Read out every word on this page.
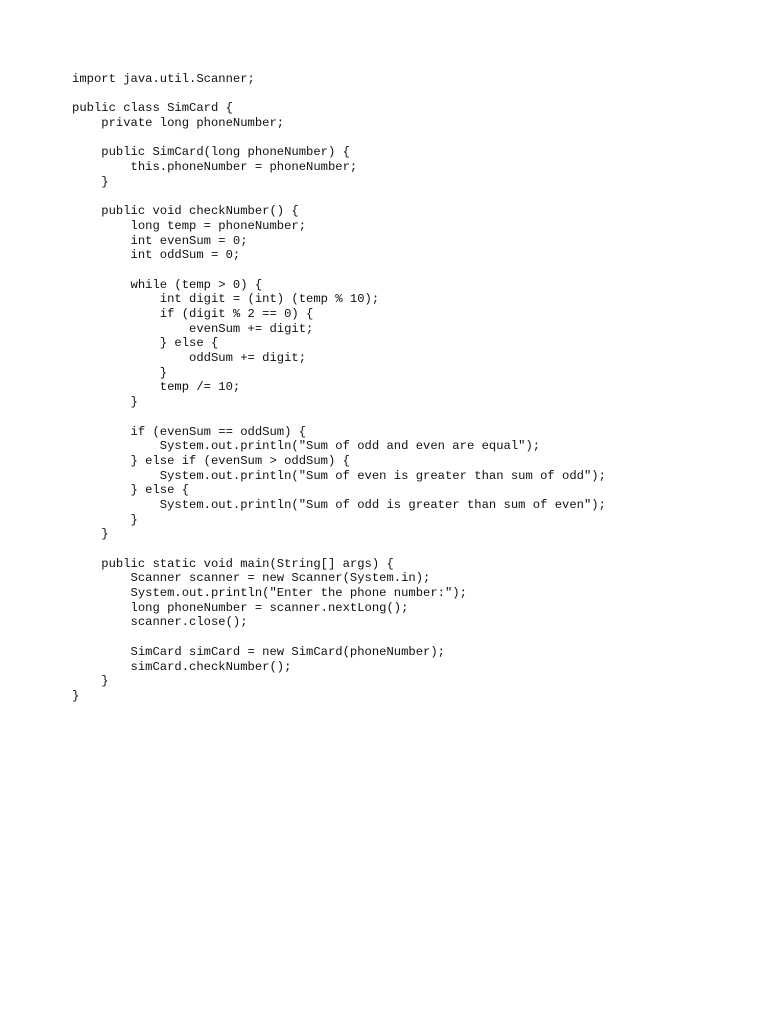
import java.util.Scanner;
public class SimCard {
private long phoneNumber;
public SimCard(long phoneNumber) {
this.phoneNumber = phoneNumber;
}
public void checkNumber() {
long temp = phoneNumber;
int evenSum = 0;
int oddSum = 0;
while (temp > 0) {
int digit = (int) (temp % 10);
if (digit % 2 == 0) {
evenSum += digit;
} else {
oddSum += digit;
}
temp /= 10;
}
if (evenSum == oddSum) {
System.out.println("Sum of odd and even are equal");
} else if (evenSum > oddSum) {
System.out.println("Sum of even is greater than sum of odd");
} else {
System.out.println("Sum of odd is greater than sum of even");
}
}
public static void main(String[] args) {
Scanner scanner = new Scanner(System.in);
System.out.println("Enter the phone number:");
long phoneNumber = scanner.nextLong();
scanner.close();
SimCard simCard = new SimCard(phoneNumber);
simCard.checkNumber();
}
}
